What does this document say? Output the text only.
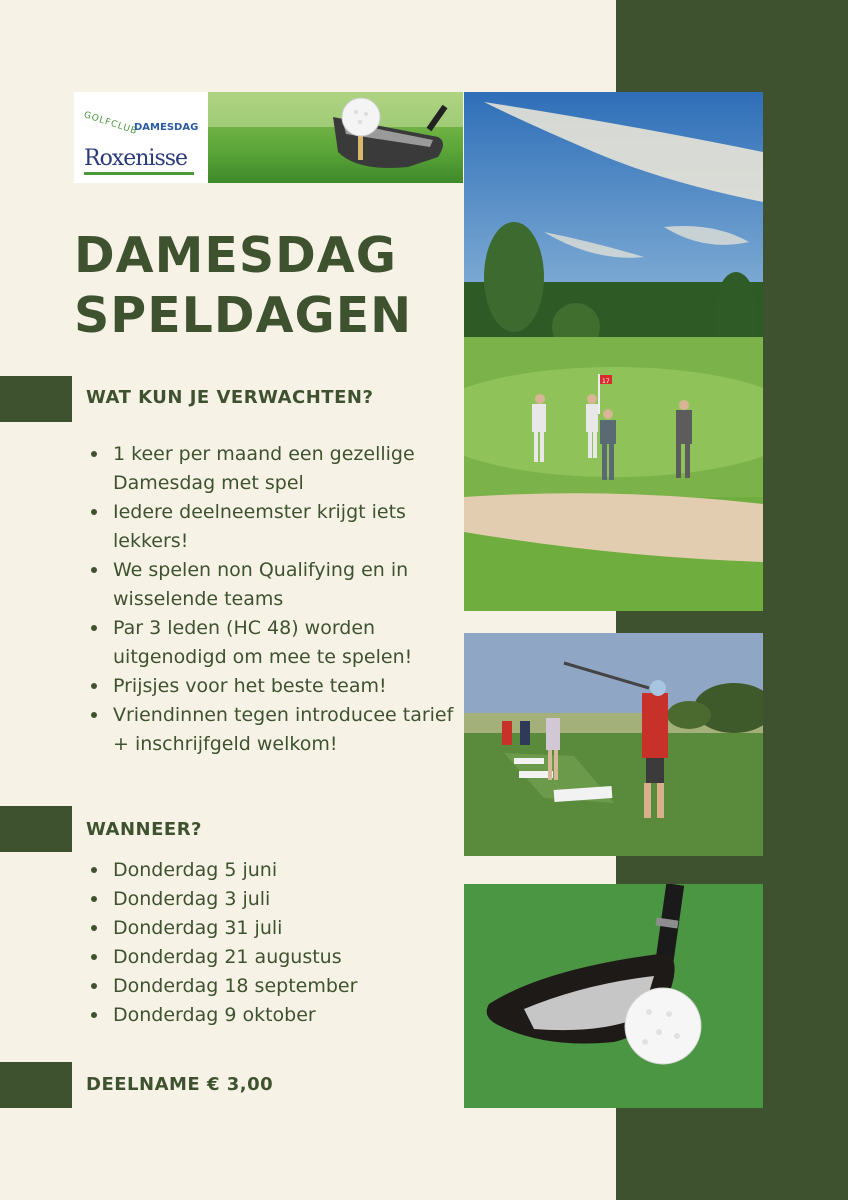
GOLFCLUB
DAMESDAG
Roxenisse
DAMESDAG
SPELDAGEN
WAT KUN JE VERWACHTEN?
1 keer per maand een gezellige Damesdag met spel
Iedere deelneemster krijgt iets lekkers!
We spelen non Qualifying en in wisselende teams
Par 3 leden (HC 48) worden uitgenodigd om mee te spelen!
Prijsjes voor het beste team!
Vriendinnen tegen introducee tarief + inschrijfgeld welkom!
WANNEER?
Donderdag 5 juni
Donderdag 3 juli
Donderdag 31 juli
Donderdag 21 augustus
Donderdag 18 september
Donderdag 9 oktober
DEELNAME € 3,00
17
